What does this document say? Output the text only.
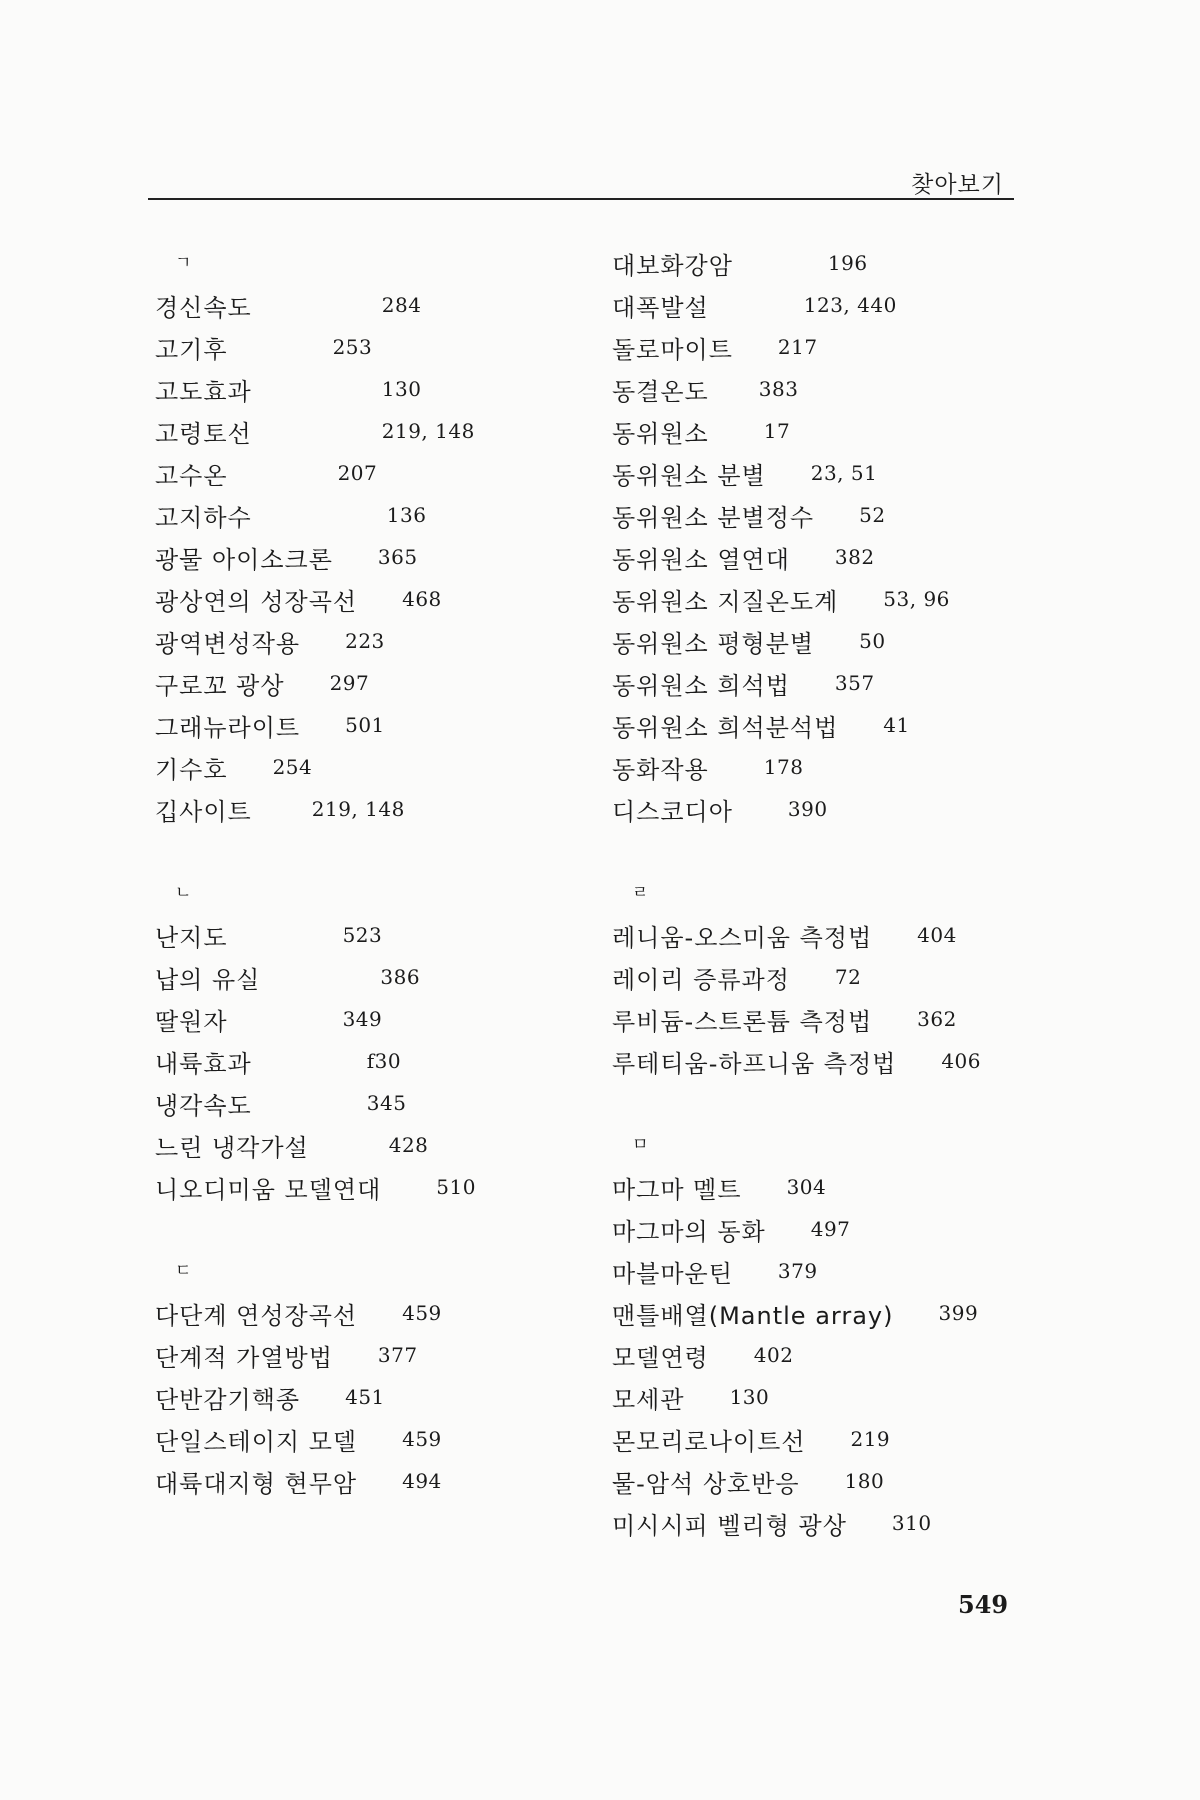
찾아보기
ㄱ
경신속도	284
고기후	253
고도효과	130
고령토선	219, 148
고수온	207
고지하수	136
광물 아이소크론 365
광상연의 성장곡선 468
광역변성작용 223
구로꼬 광상 297
그래뉴라이트 501
기수호 254
깁사이트	219, 148
ㄴ
난지도	523
납의 유실	386
딸원자	349
내륙효과	f30
냉각속도	345
느린 냉각가설	428
니오디미움 모델연대	510
ㄷ
다단계 연성장곡선 459
단계적 가열방법 377
단반감기핵종 451
단일스테이지 모델 459
대륙대지형 현무암 494
대보화강암	196
대폭발설	123, 440
돌로마이트 217
동결온도	383
동위원소	17
동위원소 분별 23, 51
동위원소 분별정수 52
동위원소 열연대 382
동위원소 지질온도계 53, 96
동위원소 평형분별 50
동위원소 희석법 357
동위원소 희석분석법 41
동화작용	178
디스코디아	390
ㄹ
레니움-오스미움 측정법 404
레이리 증류과정 72
루비듐-스트론튬 측정법 362
루테티움-하프니움 측정법 406
ㅁ
마그마 멜트 304
마그마의 동화 497
마블마운틴 379
맨틀배열(Mantle array) 399
모델연령 402
모세관 130
몬모리로나이트선 219
물-암석 상호반응 180
미시시피 벨리형 광상 310
549
